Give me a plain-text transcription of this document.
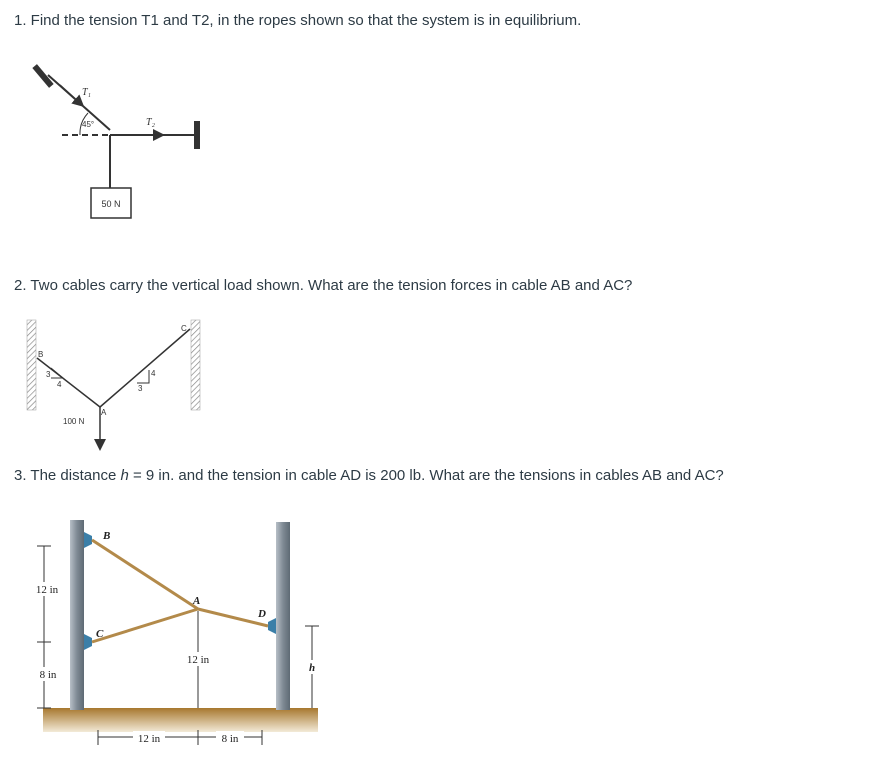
1. Find the tension T1 and T2, in the ropes shown so that the system is in equilibrium.

T₁
45°	T₂
50 N

2. Two cables carry the vertical load shown. What are the tension forces in cable AB and AC?

3
4
4
3
B
C
A
100 N

3. The distance h = 9 in. and the tension in cable AD is 200 lb. What are the tensions in cables AB and AC?

B
C
A
D
12 in
8 in
12 in
h
12 in	8 in
